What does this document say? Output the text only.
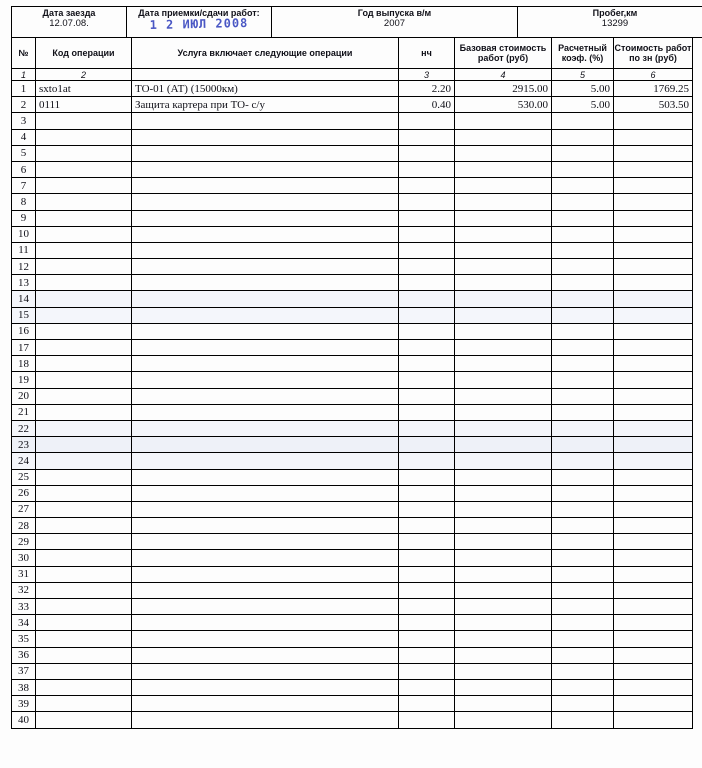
Дата заезда
12.07.08.

Дата приемки/сдачи работ:
1 2 ИЮЛ 2008

Год выпуска в/м
2007

Пробег,км
13299
№	Код операции	Услуга включает следующие операции	нч	Базовая стоимость работ (руб)	Расчетный коэф. (%)	Стоимость работ по зн (руб)
1	2		3	4	5	6
1	sxto1at	ТО-01 (АТ) (15000км)	2.20	2915.00	5.00	1769.25
2	0111	Защита картера при ТО- с/у	0.40	530.00	5.00	503.50
3						
4						
5						
6						
7						
8						
9						
10						
11						
12						
13						
14						
15						
16						
17						
18						
19						
20						
21						
22						
23						
24						
25						
26						
27						
28						
29						
30						
31						
32						
33						
34						
35						
36						
37						
38						
39						
40						
